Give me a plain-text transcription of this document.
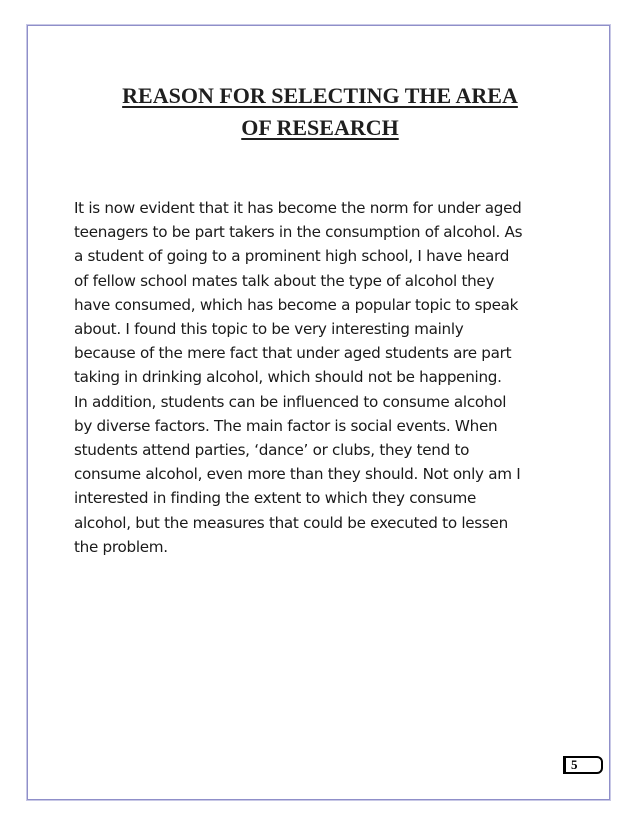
REASON FOR SELECTING THE AREA
OF RESEARCH

It is now evident that it has become the norm for under aged
teenagers to be part takers in the consumption of alcohol. As
a student of going to a prominent high school, I have heard
of fellow school mates talk about the type of alcohol they
have consumed, which has become a popular topic to speak
about. I found this topic to be very interesting mainly
because of the mere fact that under aged students are part
taking in drinking alcohol, which should not be happening.
In addition, students can be influenced to consume alcohol
by diverse factors. The main factor is social events. When
students attend parties, ‘dance’ or clubs, they tend to
consume alcohol, even more than they should. Not only am I
interested in finding the extent to which they consume
alcohol, but the measures that could be executed to lessen
the problem.

5
